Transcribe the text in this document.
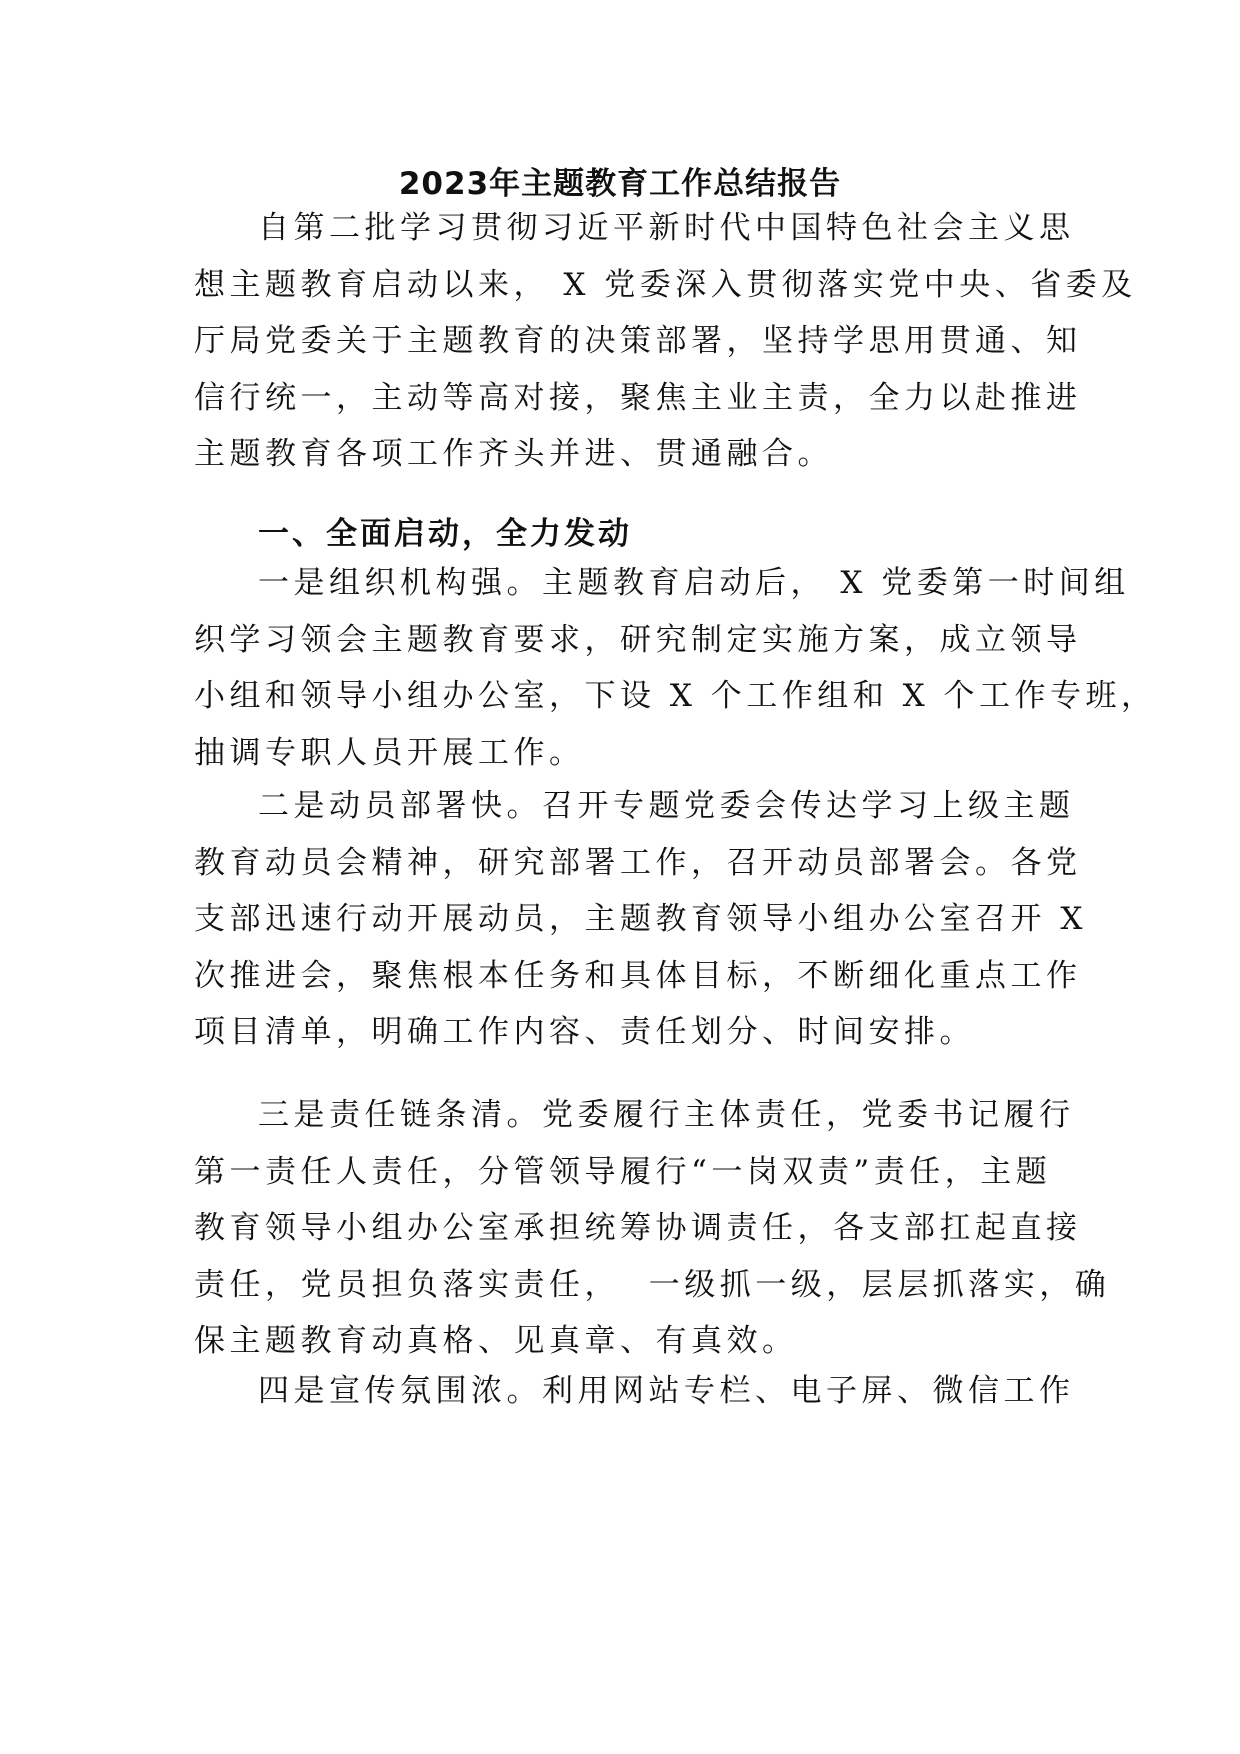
2023年主题教育工作总结报告
自第二批学习贯彻习近平新时代中国特色社会主义思
想主题教育启动以来， X 党委深入贯彻落实党中央、省委及
厅局党委关于主题教育的决策部署，坚持学思用贯通、知
信行统一，主动等高对接，聚焦主业主责，全力以赴推进
主题教育各项工作齐头并进、贯通融合。
一、全面启动，全力发动
一是组织机构强。主题教育启动后， X 党委第一时间组
织学习领会主题教育要求，研究制定实施方案，成立领导
小组和领导小组办公室，下设 X 个工作组和 X 个工作专班，
抽调专职人员开展工作。
二是动员部署快。召开专题党委会传达学习上级主题
教育动员会精神，研究部署工作，召开动员部署会。各党
支部迅速行动开展动员，主题教育领导小组办公室召开 X
次推进会，聚焦根本任务和具体目标，不断细化重点工作
项目清单，明确工作内容、责任划分、时间安排。
三是责任链条清。党委履行主体责任，党委书记履行
第一责任人责任，分管领导履行“一岗双责”责任，主题
教育领导小组办公室承担统筹协调责任，各支部扛起直接
责任，党员担负落实责任，  一级抓一级，层层抓落实，确
保主题教育动真格、见真章、有真效。
四是宣传氛围浓。利用网站专栏、电子屏、微信工作
